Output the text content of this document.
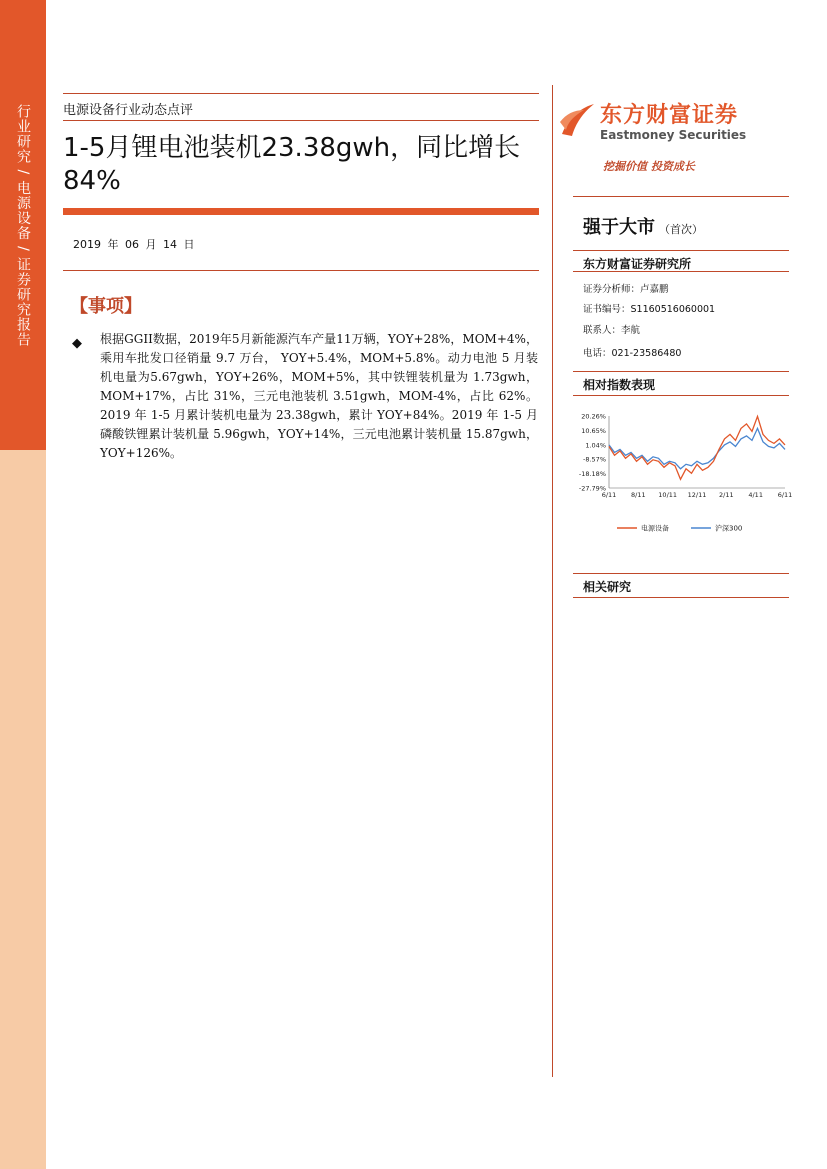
行业研究 / 电源设备 / 证券研究报告	电源设备行业动态点评
1-5月锂电池装机23.38gwh，同比增长84%
2019 年 06 月 14 日
【事项】
◆ 根据GGII数据，2019年5月新能源汽车产量11万辆，YOY+28%，MOM+4%，乘用车批发口径销量 9.7 万台， YOY+5.4%，MOM+5.8%。动力电池 5 月装机电量为5.67gwh，YOY+26%，MOM+5%，其中铁锂装机量为 1.73gwh，MOM+17%，占比 31%，三元电池装机 3.51gwh，MOM-4%，占比 62%。2019 年 1-5 月累计装机电量为 23.38gwh，累计 YOY+84%。2019 年 1-5 月磷酸铁锂累计装机量 5.96gwh，YOY+14%，三元电池累计装机量 15.87gwh，YOY+126%。
东方财富证券
Eastmoney Securities
挖掘价值 投资成长
强于大市 （首次）
东方财富证券研究所
证券分析师：卢嘉鹏
证书编号：S1160516060001
联系人：李航
电话：021-23586480
相对指数表现
20.26%
10.65%
1.04%
-8.57%
-18.18%
-27.79%
6/11 8/11 10/11 12/11 2/11 4/11 6/11
电源设备	沪深300
相关研究
